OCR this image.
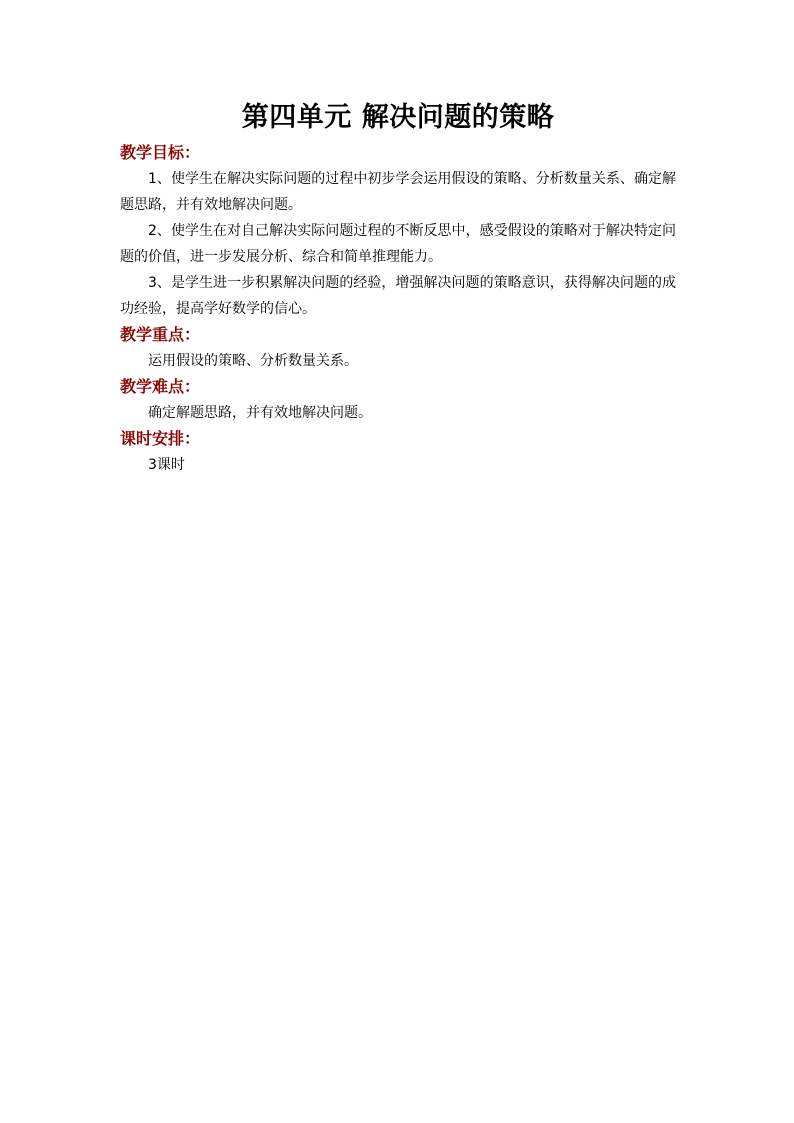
第四单元 解决问题的策略

教学目标：

1、使学生在解决实际问题的过程中初步学会运用假设的策略、分析数量关系、确定解题思路，并有效地解决问题。

2、使学生在对自己解决实际问题过程的不断反思中，感受假设的策略对于解决特定问题的价值，进一步发展分析、综合和简单推理能力。

3、是学生进一步积累解决问题的经验，增强解决问题的策略意识，获得解决问题的成功经验，提高学好数学的信心。

教学重点：

运用假设的策略、分析数量关系。

教学难点：

确定解题思路，并有效地解决问题。

课时安排：

3课时
